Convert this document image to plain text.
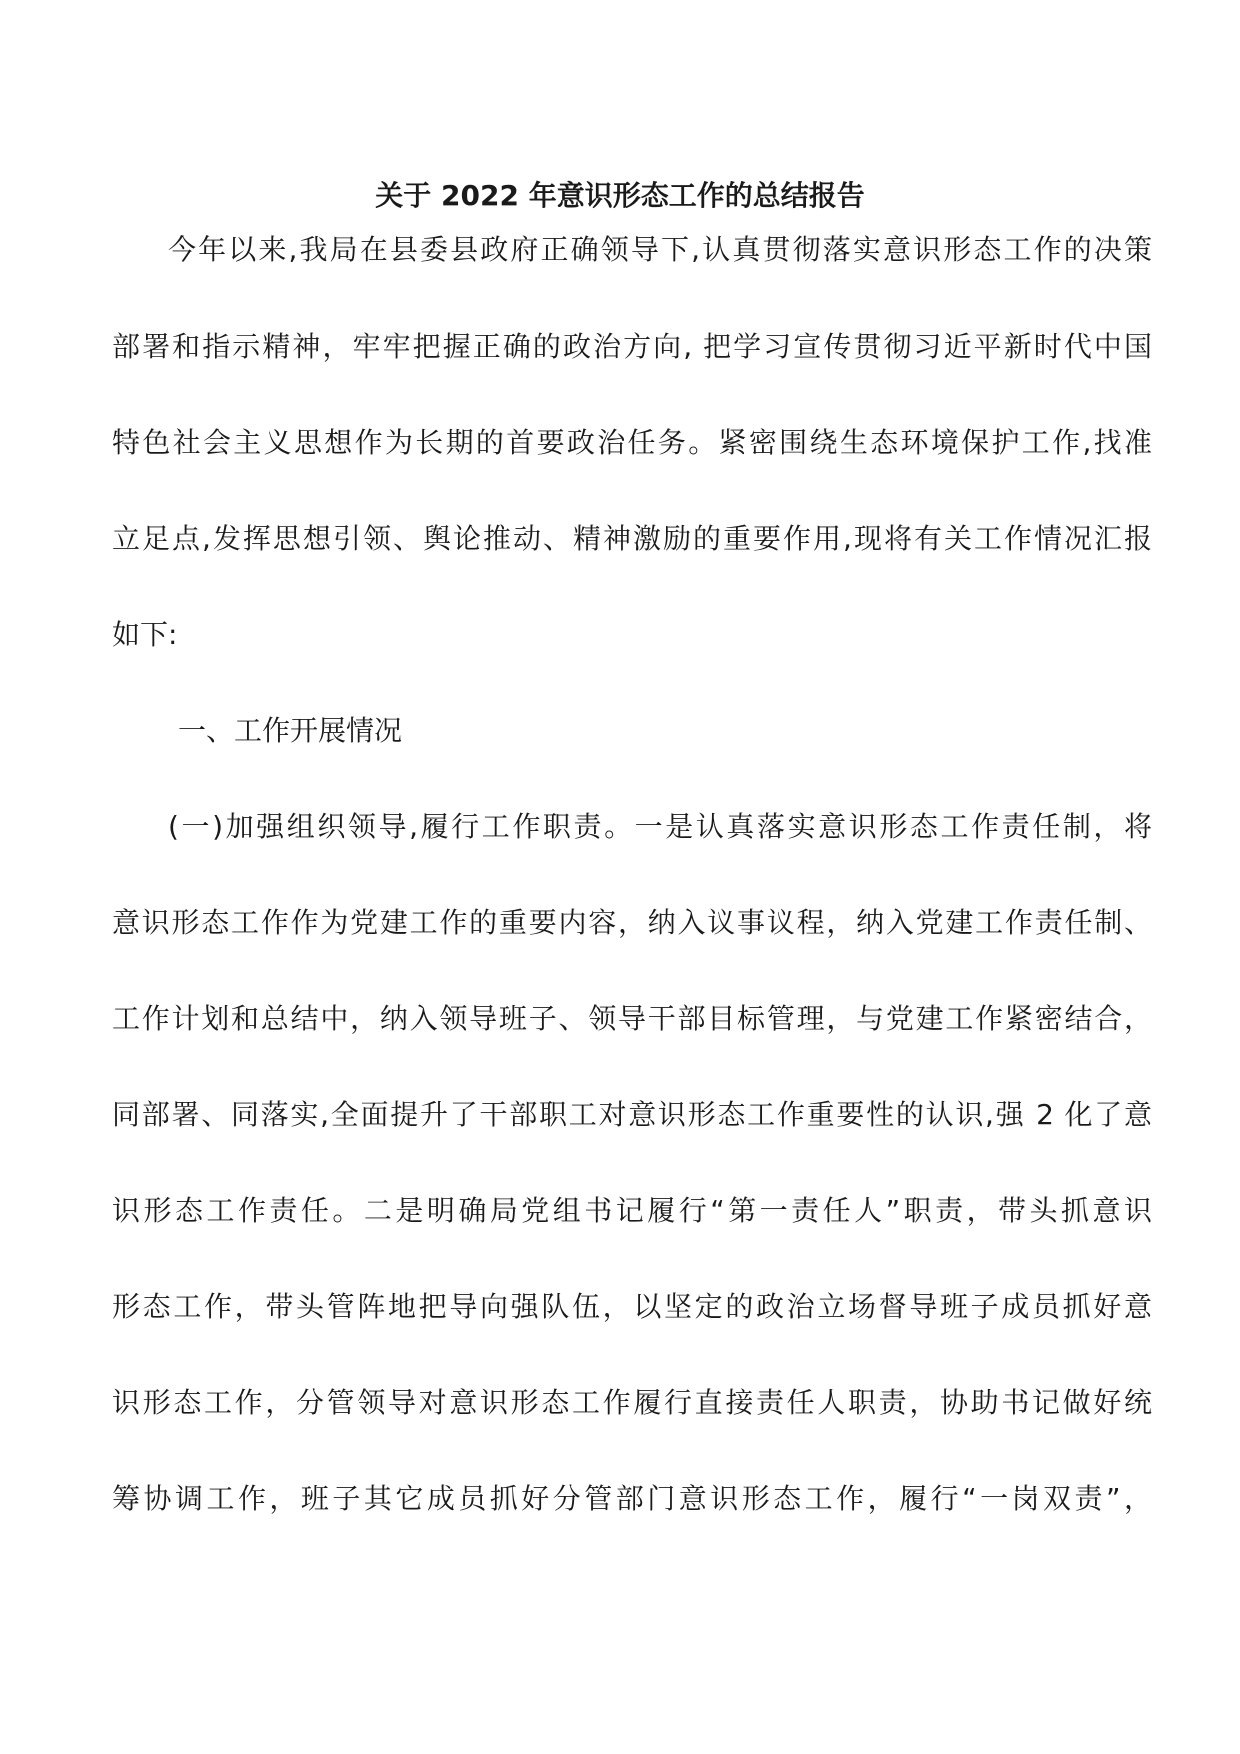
关于 2022 年意识形态工作的总结报告

今年以来,我局在县委县政府正确领导下,认真贯彻落实意识形态工作的决策

部署和指示精神，牢牢把握正确的政治方向, 把学习宣传贯彻习近平新时代中国

特色社会主义思想作为长期的首要政治任务。紧密围绕生态环境保护工作,找准

立足点,发挥思想引领、舆论推动、精神激励的重要作用,现将有关工作情况汇报

如下:

一、工作开展情况

(一)加强组织领导,履行工作职责。一是认真落实意识形态工作责任制，将

意识形态工作作为党建工作的重要内容，纳入议事议程，纳入党建工作责任制、

工作计划和总结中，纳入领导班子、领导干部目标管理，与党建工作紧密结合，

同部署、同落实,全面提升了干部职工对意识形态工作重要性的认识,强 2 化了意

识形态工作责任。二是明确局党组书记履行“第一责任人”职责，带头抓意识

形态工作，带头管阵地把导向强队伍，以坚定的政治立场督导班子成员抓好意

识形态工作，分管领导对意识形态工作履行直接责任人职责，协助书记做好统

筹协调工作，班子其它成员抓好分管部门意识形态工作，履行“一岗双责”，
